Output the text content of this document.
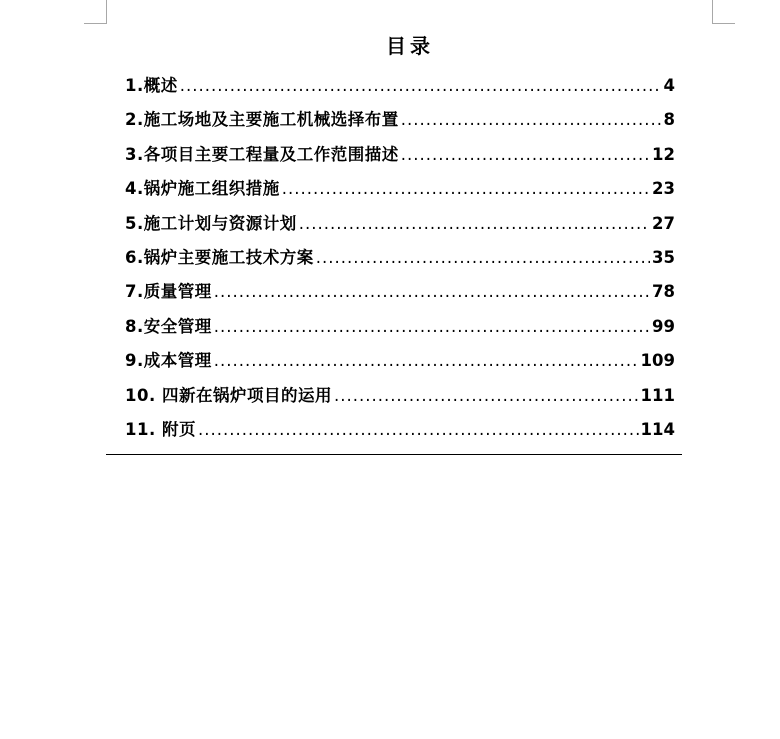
目录
1.概述 .....	4
2.施工场地及主要施工机械选择布置 .....	8
3.各项目主要工程量及工作范围描述 .....	12
4.锅炉施工组织措施 .....	23
5.施工计划与资源计划 .....	27
6.锅炉主要施工技术方案 .....	35
7.质量管理 .....	78
8.安全管理 .....	99
9.成本管理 .....	109
10. 四新在锅炉项目的运用 .....	111
11. 附页 .....	114
